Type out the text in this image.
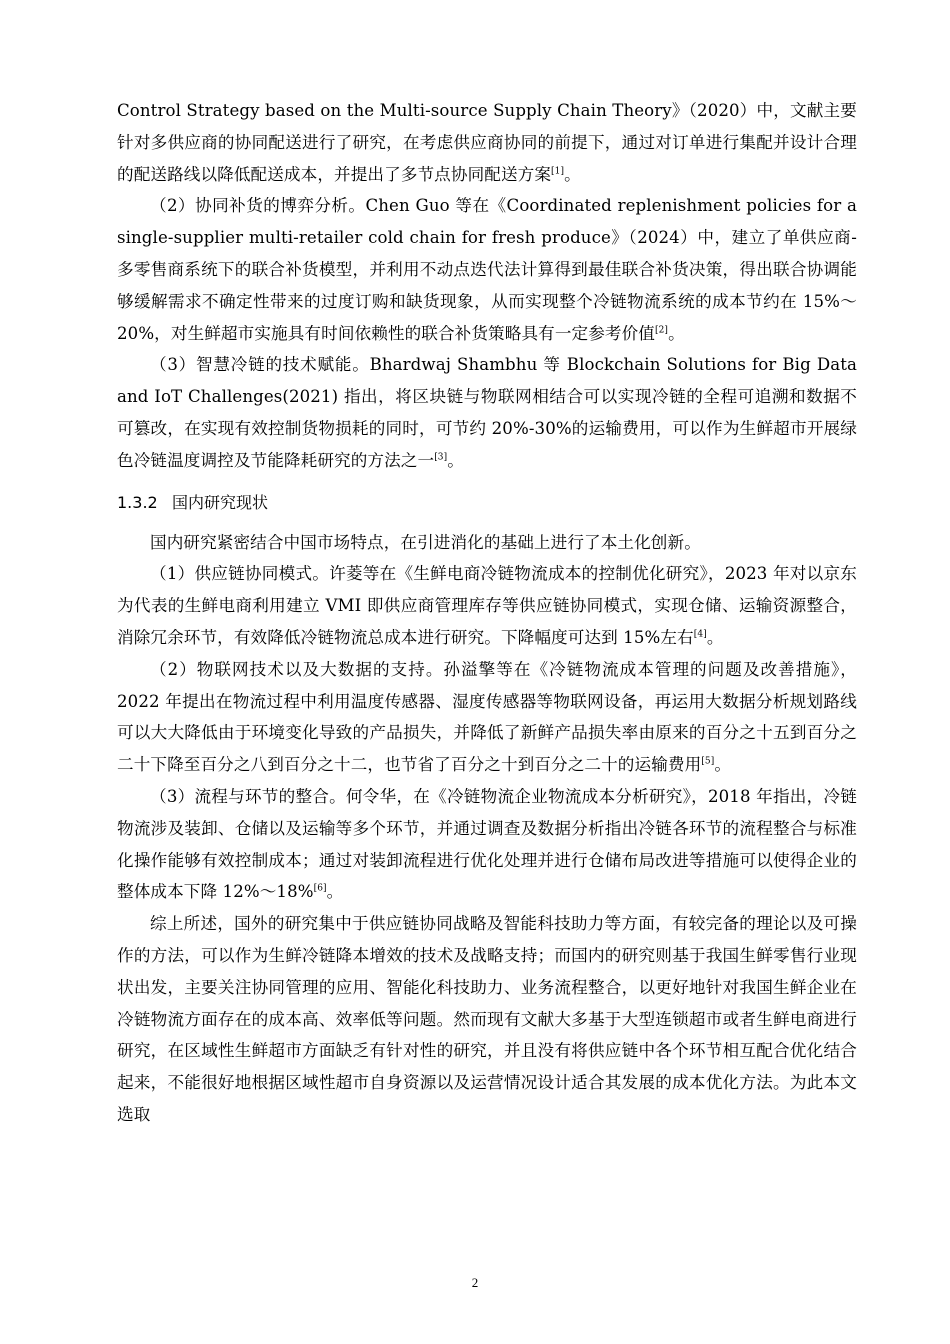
Control Strategy based on the Multi-source Supply Chain Theory》（2020）中，文献主要针对多供应商的协同配送进行了研究，在考虑供应商协同的前提下，通过对订单进行集配并设计合理的配送路线以降低配送成本，并提出了多节点协同配送方案[1]。

（2）协同补货的博弈分析。Chen Guo 等在《Coordinated replenishment policies for a single-supplier multi-retailer cold chain for fresh produce》（2024）中，建立了单供应商-多零售商系统下的联合补货模型，并利用不动点迭代法计算得到最佳联合补货决策，得出联合协调能够缓解需求不确定性带来的过度订购和缺货现象，从而实现整个冷链物流系统的成本节约在 15%～20%，对生鲜超市实施具有时间依赖性的联合补货策略具有一定参考价值[2]。

（3）智慧冷链的技术赋能。Bhardwaj Shambhu 等 Blockchain Solutions for Big Data and IoT Challenges(2021) 指出，将区块链与物联网相结合可以实现冷链的全程可追溯和数据不可篡改，在实现有效控制货物损耗的同时，可节约 20%-30%的运输费用，可以作为生鲜超市开展绿色冷链温度调控及节能降耗研究的方法之一[3]。

1.3.2 国内研究现状

国内研究紧密结合中国市场特点，在引进消化的基础上进行了本土化创新。

（1）供应链协同模式。许菱等在《生鲜电商冷链物流成本的控制优化研究》，2023 年对以京东为代表的生鲜电商利用建立 VMI 即供应商管理库存等供应链协同模式，实现仓储、运输资源整合，消除冗余环节，有效降低冷链物流总成本进行研究。下降幅度可达到 15%左右[4]。

（2）物联网技术以及大数据的支持。孙溢擎等在《冷链物流成本管理的问题及改善措施》，2022 年提出在物流过程中利用温度传感器、湿度传感器等物联网设备，再运用大数据分析规划路线可以大大降低由于环境变化导致的产品损失，并降低了新鲜产品损失率由原来的百分之十五到百分之二十下降至百分之八到百分之十二，也节省了百分之十到百分之二十的运输费用[5]。

（3）流程与环节的整合。何令华，在《冷链物流企业物流成本分析研究》，2018 年指出，冷链物流涉及装卸、仓储以及运输等多个环节，并通过调查及数据分析指出冷链各环节的流程整合与标准化操作能够有效控制成本；通过对装卸流程进行优化处理并进行仓储布局改进等措施可以使得企业的整体成本下降 12%～18%[6]。

综上所述，国外的研究集中于供应链协同战略及智能科技助力等方面，有较完备的理论以及可操作的方法，可以作为生鲜冷链降本增效的技术及战略支持；而国内的研究则基于我国生鲜零售行业现状出发，主要关注协同管理的应用、智能化科技助力、业务流程整合，以更好地针对我国生鲜企业在冷链物流方面存在的成本高、效率低等问题。然而现有文献大多基于大型连锁超市或者生鲜电商进行研究，在区域性生鲜超市方面缺乏有针对性的研究，并且没有将供应链中各个环节相互配合优化结合起来，不能很好地根据区域性超市自身资源以及运营情况设计适合其发展的成本优化方法。为此本文选取

2
